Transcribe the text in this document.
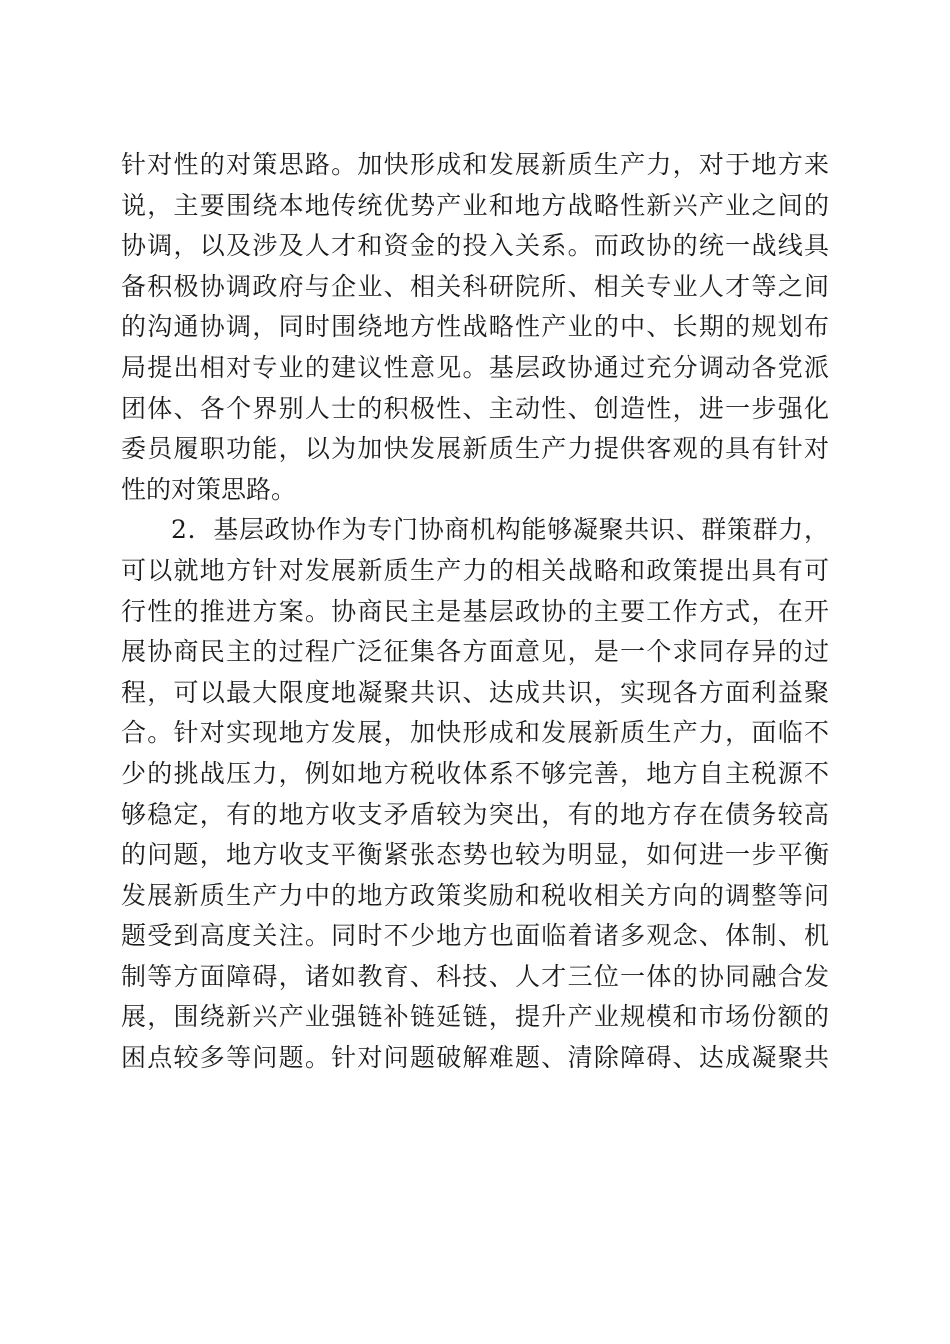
针对性的对策思路。加快形成和发展新质生产力，对于地方来
说，主要围绕本地传统优势产业和地方战略性新兴产业之间的
协调，以及涉及人才和资金的投入关系。而政协的统一战线具
备积极协调政府与企业、相关科研院所、相关专业人才等之间
的沟通协调，同时围绕地方性战略性产业的中、长期的规划布
局提出相对专业的建议性意见。基层政协通过充分调动各党派
团体、各个界别人士的积极性、主动性、创造性，进一步强化
委员履职功能，以为加快发展新质生产力提供客观的具有针对
性的对策思路。
2．基层政协作为专门协商机构能够凝聚共识、群策群力，
可以就地方针对发展新质生产力的相关战略和政策提出具有可
行性的推进方案。协商民主是基层政协的主要工作方式，在开
展协商民主的过程广泛征集各方面意见，是一个求同存异的过
程，可以最大限度地凝聚共识、达成共识，实现各方面利益聚
合。针对实现地方发展，加快形成和发展新质生产力，面临不
少的挑战压力，例如地方税收体系不够完善，地方自主税源不
够稳定，有的地方收支矛盾较为突出，有的地方存在债务较高
的问题，地方收支平衡紧张态势也较为明显，如何进一步平衡
发展新质生产力中的地方政策奖励和税收相关方向的调整等问
题受到高度关注。同时不少地方也面临着诸多观念、体制、机
制等方面障碍，诸如教育、科技、人才三位一体的协同融合发
展，围绕新兴产业强链补链延链，提升产业规模和市场份额的
困点较多等问题。针对问题破解难题、清除障碍、达成凝聚共
